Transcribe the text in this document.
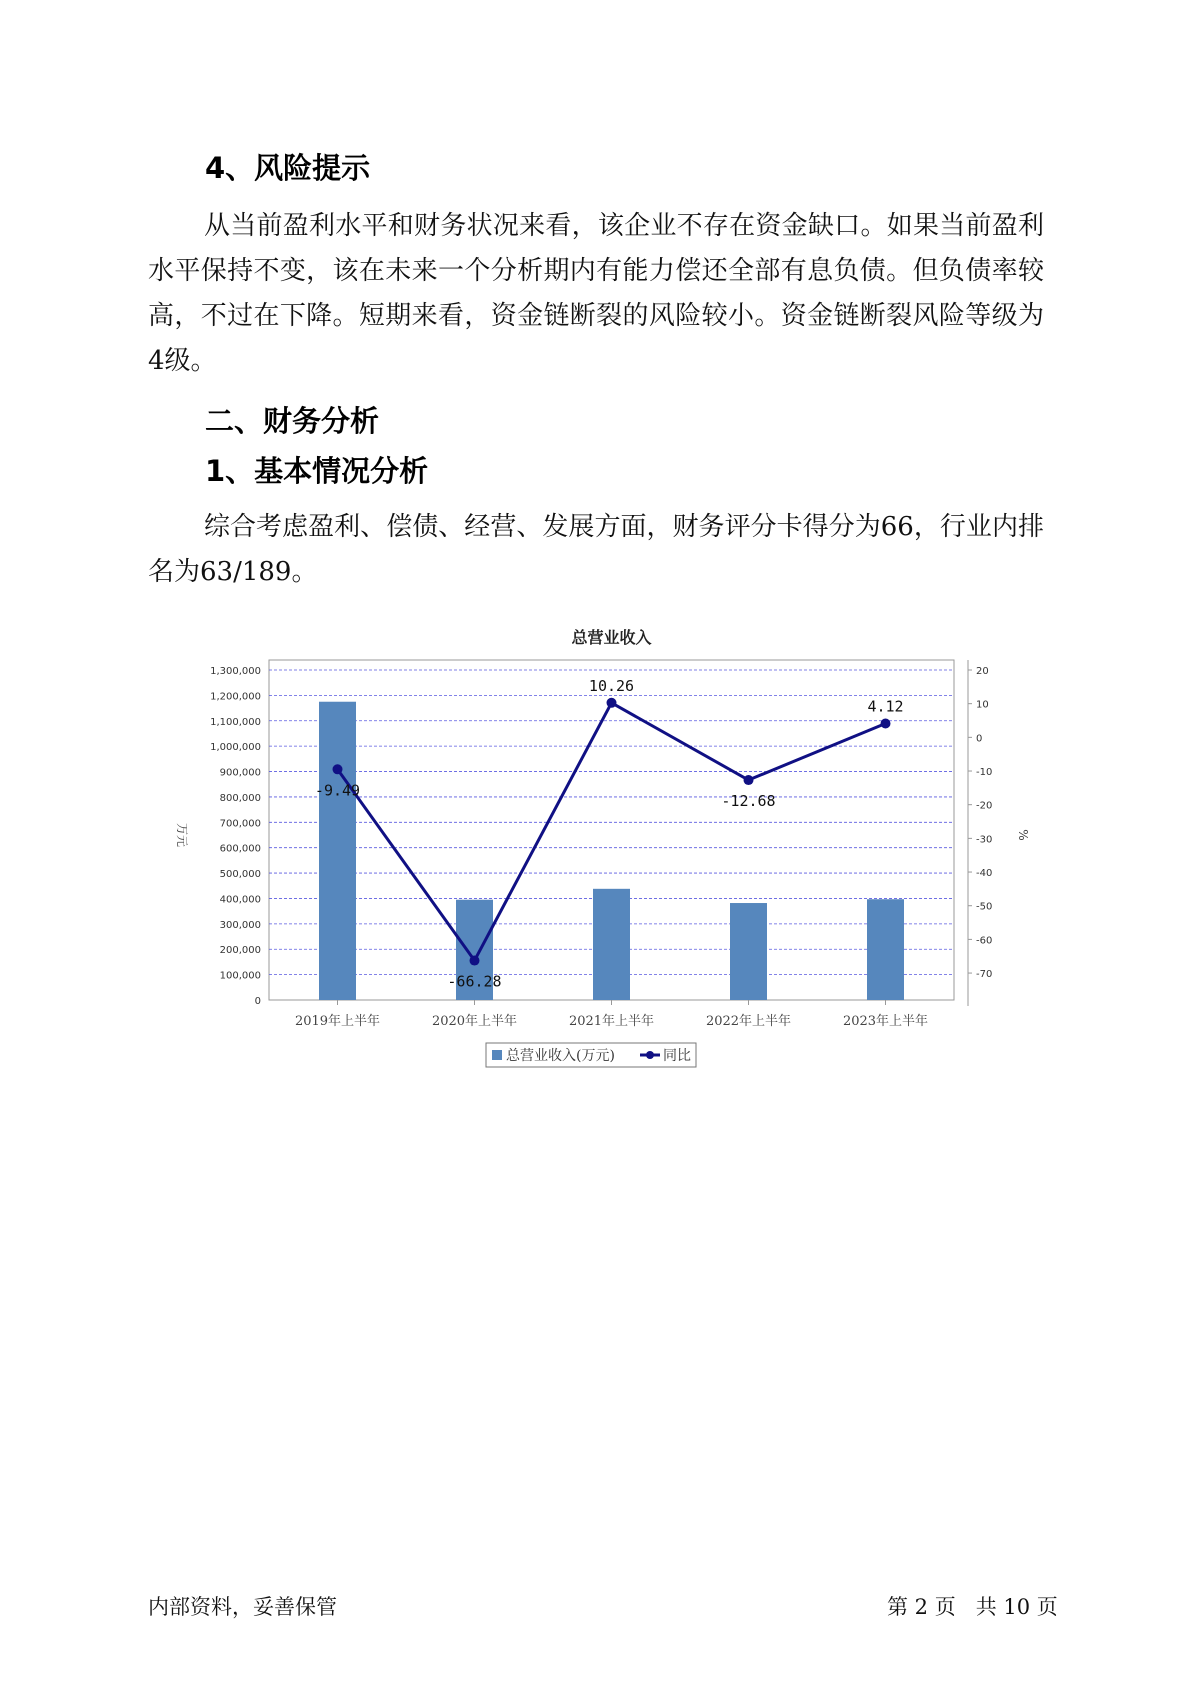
4、风险提示

从当前盈利水平和财务状况来看，该企业不存在资金缺口。如果当前盈利水平保持不变，该在未来一个分析期内有能力偿还全部有息负债。但负债率较高，不过在下降。短期来看，资金链断裂的风险较小。资金链断裂风险等级为4级。

二、财务分析
1、基本情况分析

综合考虑盈利、偿债、经营、发展方面，财务评分卡得分为66，行业内排名为63/189。

总营业收入
0
100,000
200,000
300,000
400,000
500,000
600,000
700,000
800,000
900,000
1,000,000
1,100,000
1,200,000
1,300,000	20
10
0
-10
-20
-30
-40
-50
-60
-70
万元	%
2019年上半年	2020年上半年	2021年上半年	2022年上半年	2023年上半年
-9.49
-66.28
10.26
-12.68
4.12
总营业收入(万元)	同比
内部资料，妥善保管	第 2 页   共 10 页
